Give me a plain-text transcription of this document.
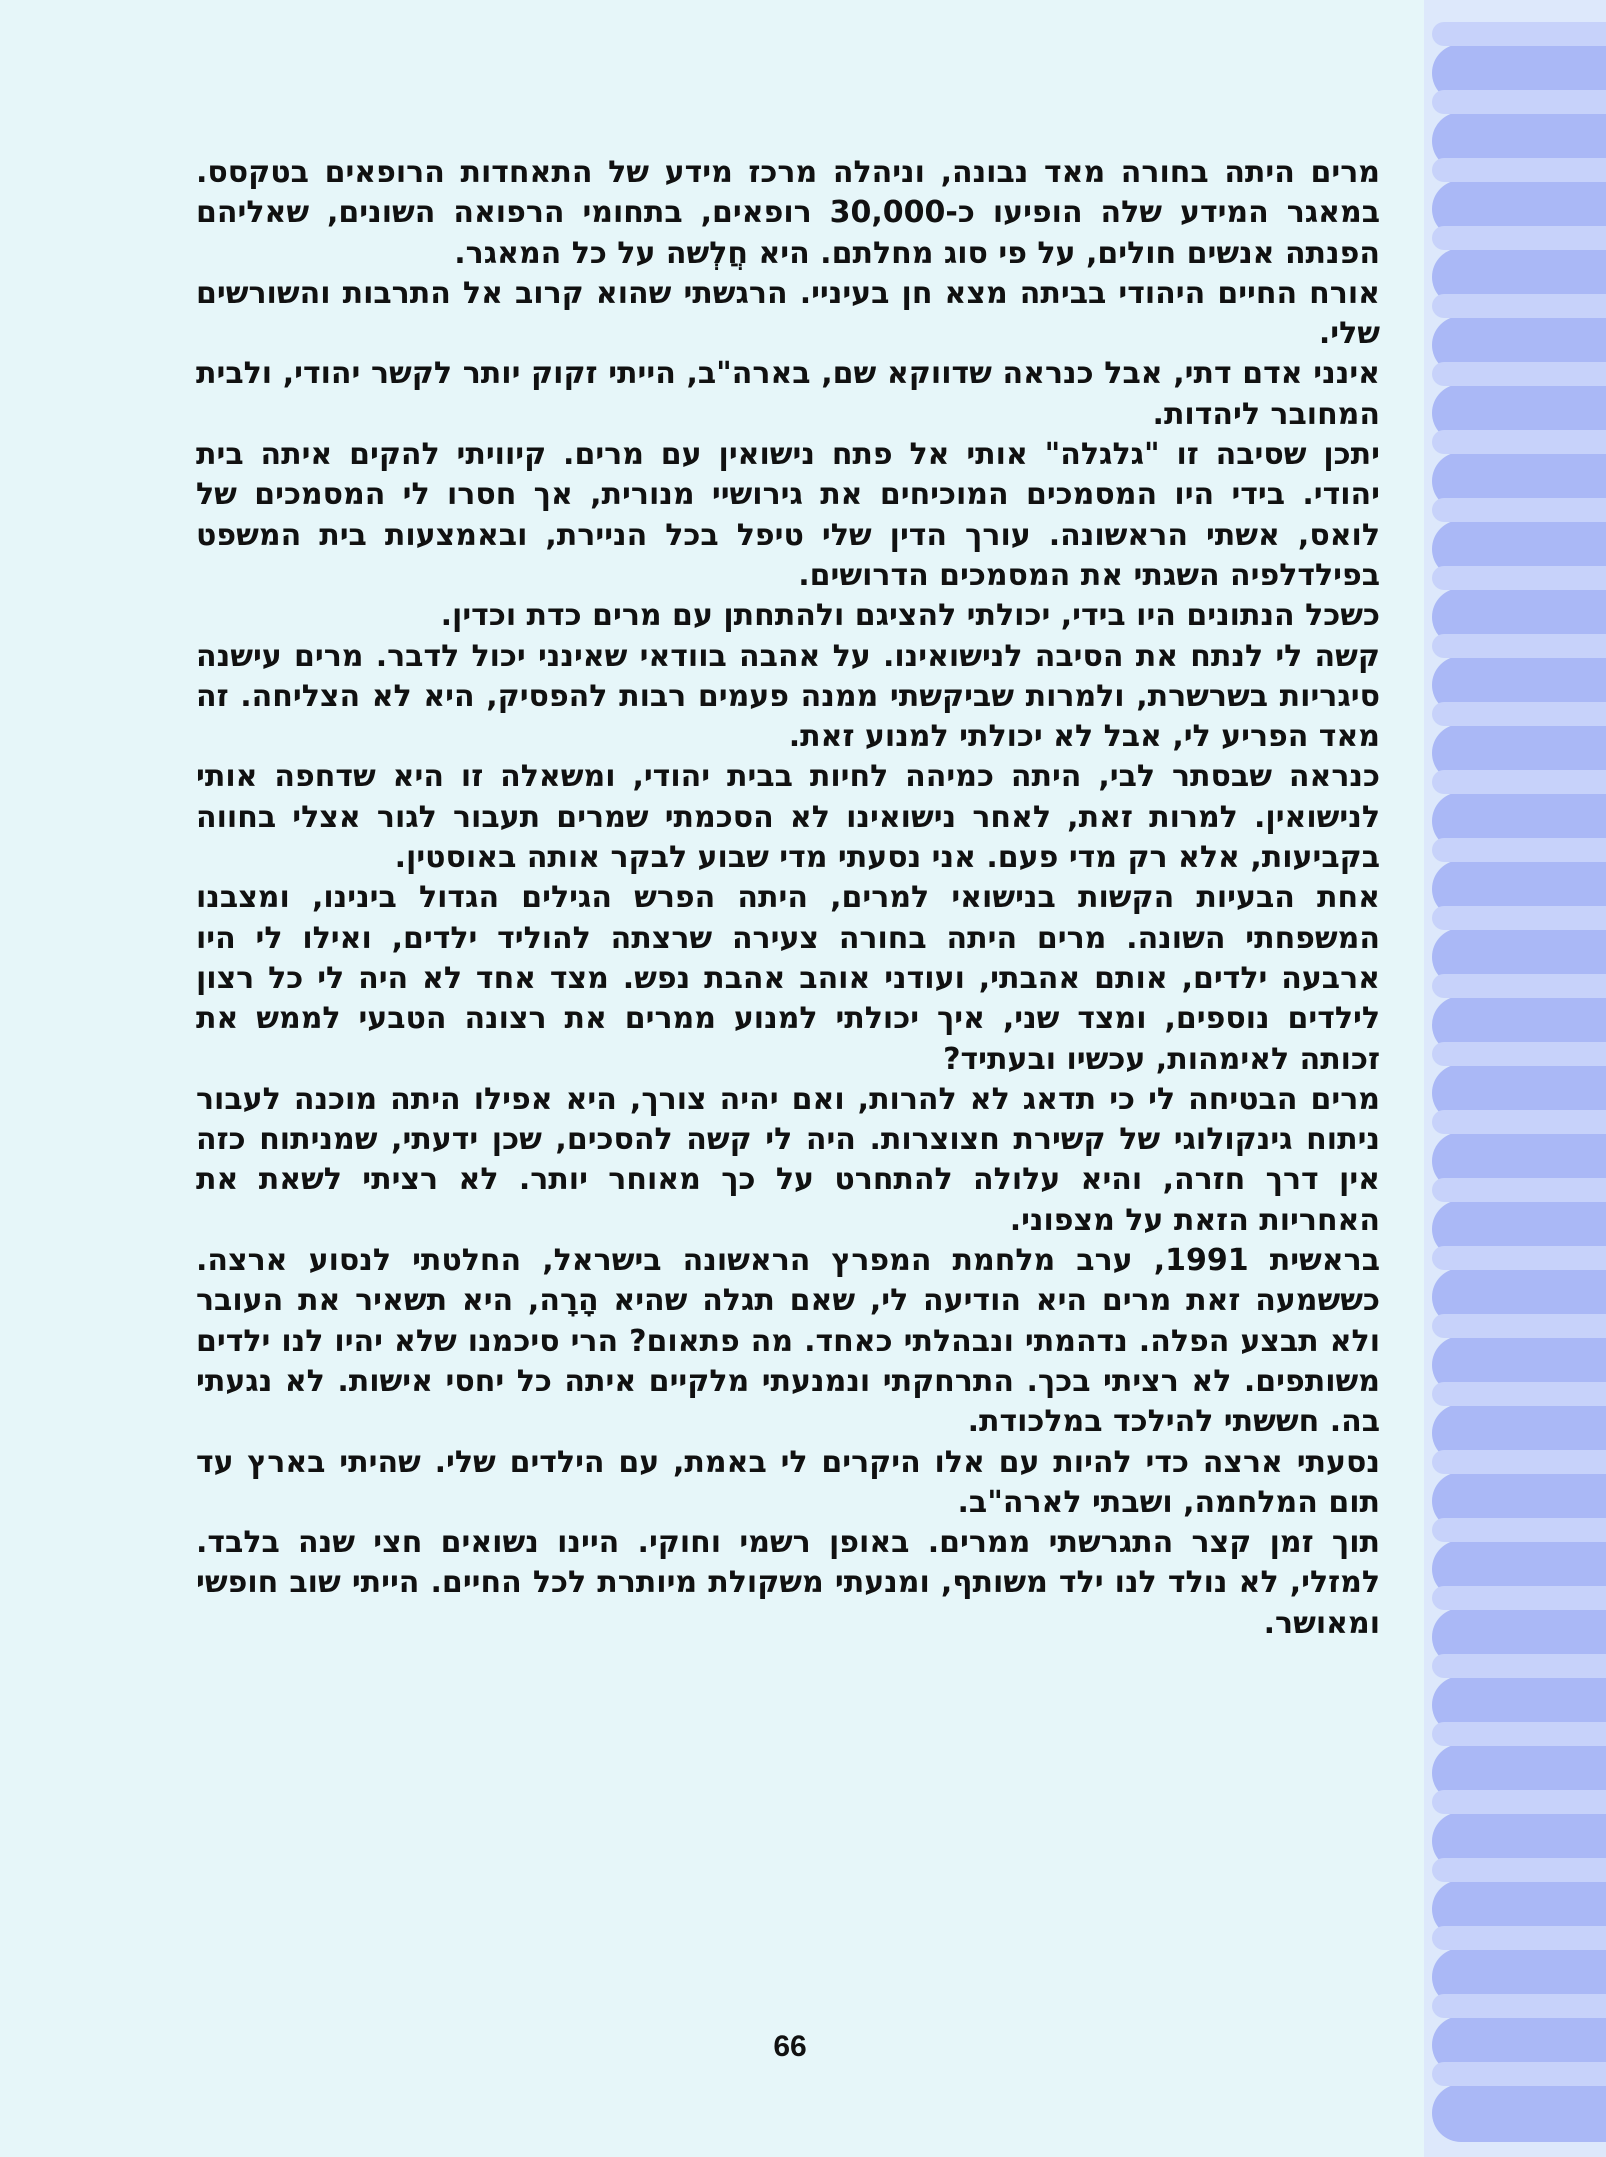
מרים היתה בחורה מאד נבונה, וניהלה מרכז מידע של התאחדות הרופאים בטקסס. במאגר המידע שלה הופיעו כ-30,000 רופאים, בתחומי הרפואה השונים, שאליהם הפנתה אנשים חולים, על פי סוג מחלתם. היא חֲלְשה על כל המאגר.

אורח החיים היהודי בביתה מצא חן בעיניי. הרגשתי שהוא קרוב אל התרבות והשורשים שלי.

אינני אדם דתי, אבל כנראה שדווקא שם, בארה"ב, הייתי זקוק יותר לקשר יהודי, ולבית המחובר ליהדות.

יתכן שסיבה זו "גלגלה" אותי אל פתח נישואין עם מרים. קיוויתי להקים איתה בית יהודי. בידי היו המסמכים המוכיחים את גירושיי מנורית, אך חסרו לי המסמכים של לואס, אשתי הראשונה. עורך הדין שלי טיפל בכל הניירת, ובאמצעות בית המשפט בפילדלפיה השגתי את המסמכים הדרושים.

כשכל הנתונים היו בידי, יכולתי להציגם ולהתחתן עם מרים כדת וכדין.

קשה לי לנתח את הסיבה לנישואינו. על אהבה בוודאי שאינני יכול לדבר. מרים עישנה סיגריות בשרשרת, ולמרות שביקשתי ממנה פעמים רבות להפסיק, היא לא הצליחה. זה מאד הפריע לי, אבל לא יכולתי למנוע זאת.

כנראה שבסתר לבי, היתה כמיהה לחיות בבית יהודי, ומשאלה זו היא שדחפה אותי לנישואין. למרות זאת, לאחר נישואינו לא הסכמתי שמרים תעבור לגור אצלי בחווה בקביעות, אלא רק מדי פעם. אני נסעתי מדי שבוע לבקר אותה באוסטין.

אחת הבעיות הקשות בנישואי למרים, היתה הפרש הגילים הגדול בינינו, ומצבנו המשפחתי השונה. מרים היתה בחורה צעירה שרצתה להוליד ילדים, ואילו לי היו ארבעה ילדים, אותם אהבתי, ועודני אוהב אהבת נפש. מצד אחד לא היה לי כל רצון לילדים נוספים, ומצד שני, איך יכולתי למנוע ממרים את רצונה הטבעי לממש את זכותה לאימהות, עכשיו ובעתיד?

מרים הבטיחה לי כי תדאג לא להרות, ואם יהיה צורך, היא אפילו היתה מוכנה לעבור ניתוח גינקולוגי של קשירת חצוצרות. היה לי קשה להסכים, שכן ידעתי, שמניתוח כזה אין דרך חזרה, והיא עלולה להתחרט על כך מאוחר יותר. לא רציתי לשאת את האחריות הזאת על מצפוני.

בראשית 1991, ערב מלחמת המפרץ הראשונה בישראל, החלטתי לנסוע ארצה. כששמעה זאת מרים היא הודיעה לי, שאם תגלה שהיא הָרָה, היא תשאיר את העובר ולא תבצע הפלה. נדהמתי ונבהלתי כאחד. מה פתאום? הרי סיכמנו שלא יהיו לנו ילדים משותפים. לא רציתי בכך. התרחקתי ונמנעתי מלקיים איתה כל יחסי אישות. לא נגעתי בה. חששתי להילכד במלכודת.

נסעתי ארצה כדי להיות עם אלו היקרים לי באמת, עם הילדים שלי. שהיתי בארץ עד תום המלחמה, ושבתי לארה"ב.

תוך זמן קצר התגרשתי ממרים. באופן רשמי וחוקי. היינו נשואים חצי שנה בלבד. למזלי, לא נולד לנו ילד משותף, ומנעתי משקולת מיותרת לכל החיים. הייתי שוב חופשי ומאושר.

66
